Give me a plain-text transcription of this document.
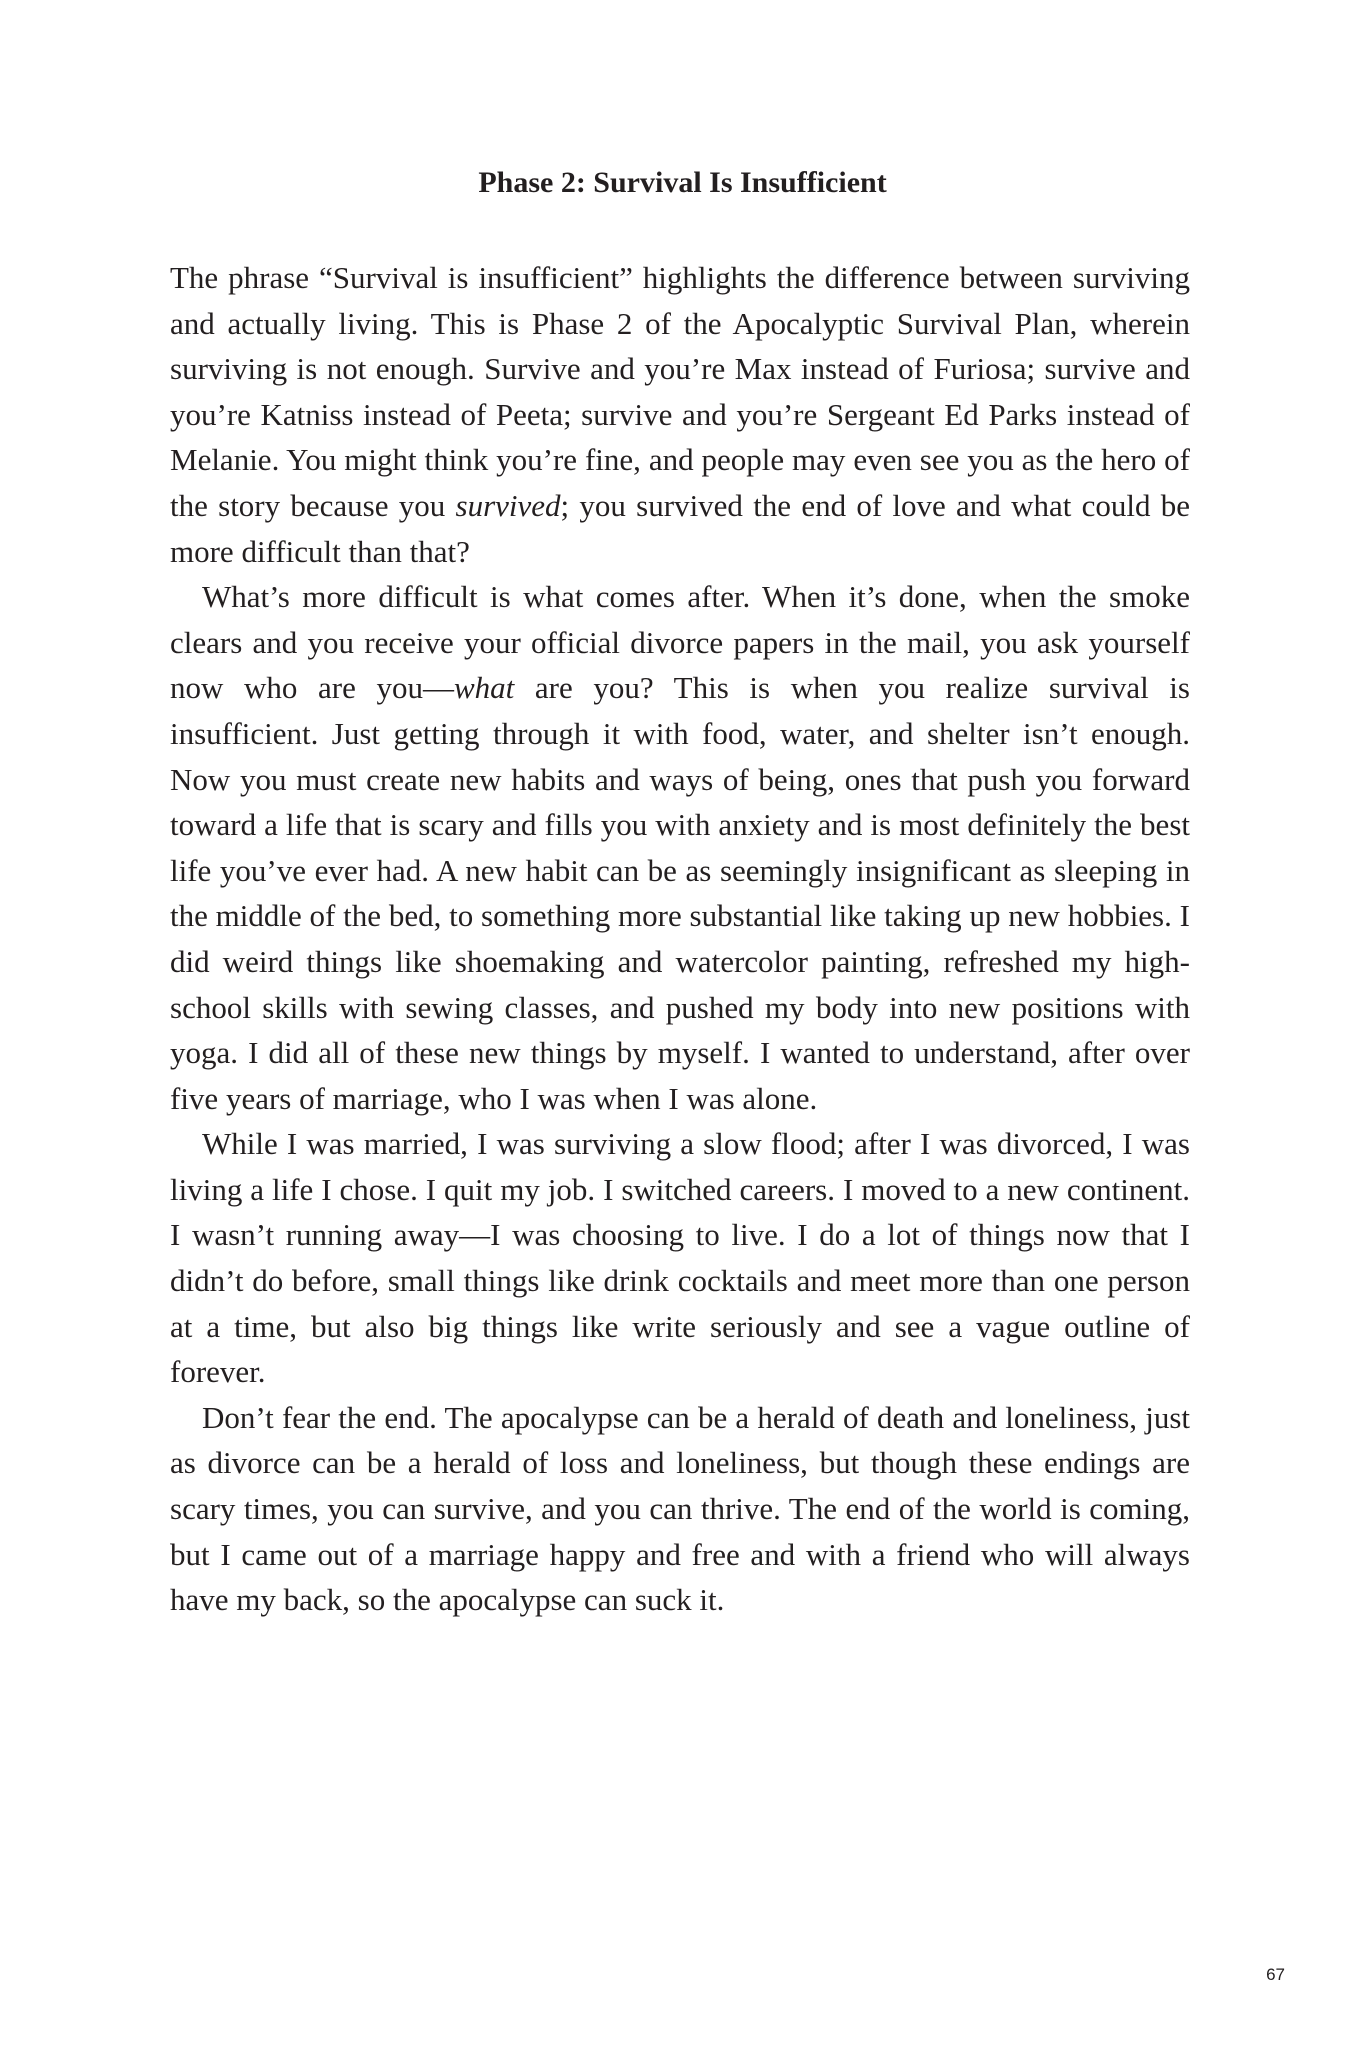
Phase 2: Survival Is Insufficient

The phrase “Survival is insufficient” highlights the difference between surviving and actually living. This is Phase 2 of the Apocalyptic Survival Plan, wherein surviving is not enough. Survive and you’re Max instead of Furiosa; survive and you’re Katniss instead of Peeta; survive and you’re Sergeant Ed Parks instead of Melanie. You might think you’re fine, and people may even see you as the hero of the story because you survived; you survived the end of love and what could be more difficult than that?

What’s more difficult is what comes after. When it’s done, when the smoke clears and you receive your official divorce papers in the mail, you ask yourself now who are you—what are you? This is when you realize survival is insufficient. Just getting through it with food, water, and shelter isn’t enough. Now you must create new habits and ways of being, ones that push you forward toward a life that is scary and fills you with anxiety and is most definitely the best life you’ve ever had. A new habit can be as seemingly insignificant as sleeping in the middle of the bed, to something more substantial like taking up new hobbies. I did weird things like shoemaking and watercolor painting, refreshed my high-school skills with sewing classes, and pushed my body into new positions with yoga. I did all of these new things by myself. I wanted to understand, after over five years of marriage, who I was when I was alone.

While I was married, I was surviving a slow flood; after I was divorced, I was living a life I chose. I quit my job. I switched careers. I moved to a new continent. I wasn’t running away—I was choosing to live. I do a lot of things now that I didn’t do before, small things like drink cocktails and meet more than one person at a time, but also big things like write seriously and see a vague outline of forever.

Don’t fear the end. The apocalypse can be a herald of death and loneliness, just as divorce can be a herald of loss and loneliness, but though these endings are scary times, you can survive, and you can thrive. The end of the world is coming, but I came out of a marriage happy and free and with a friend who will always have my back, so the apocalypse can suck it.

67
